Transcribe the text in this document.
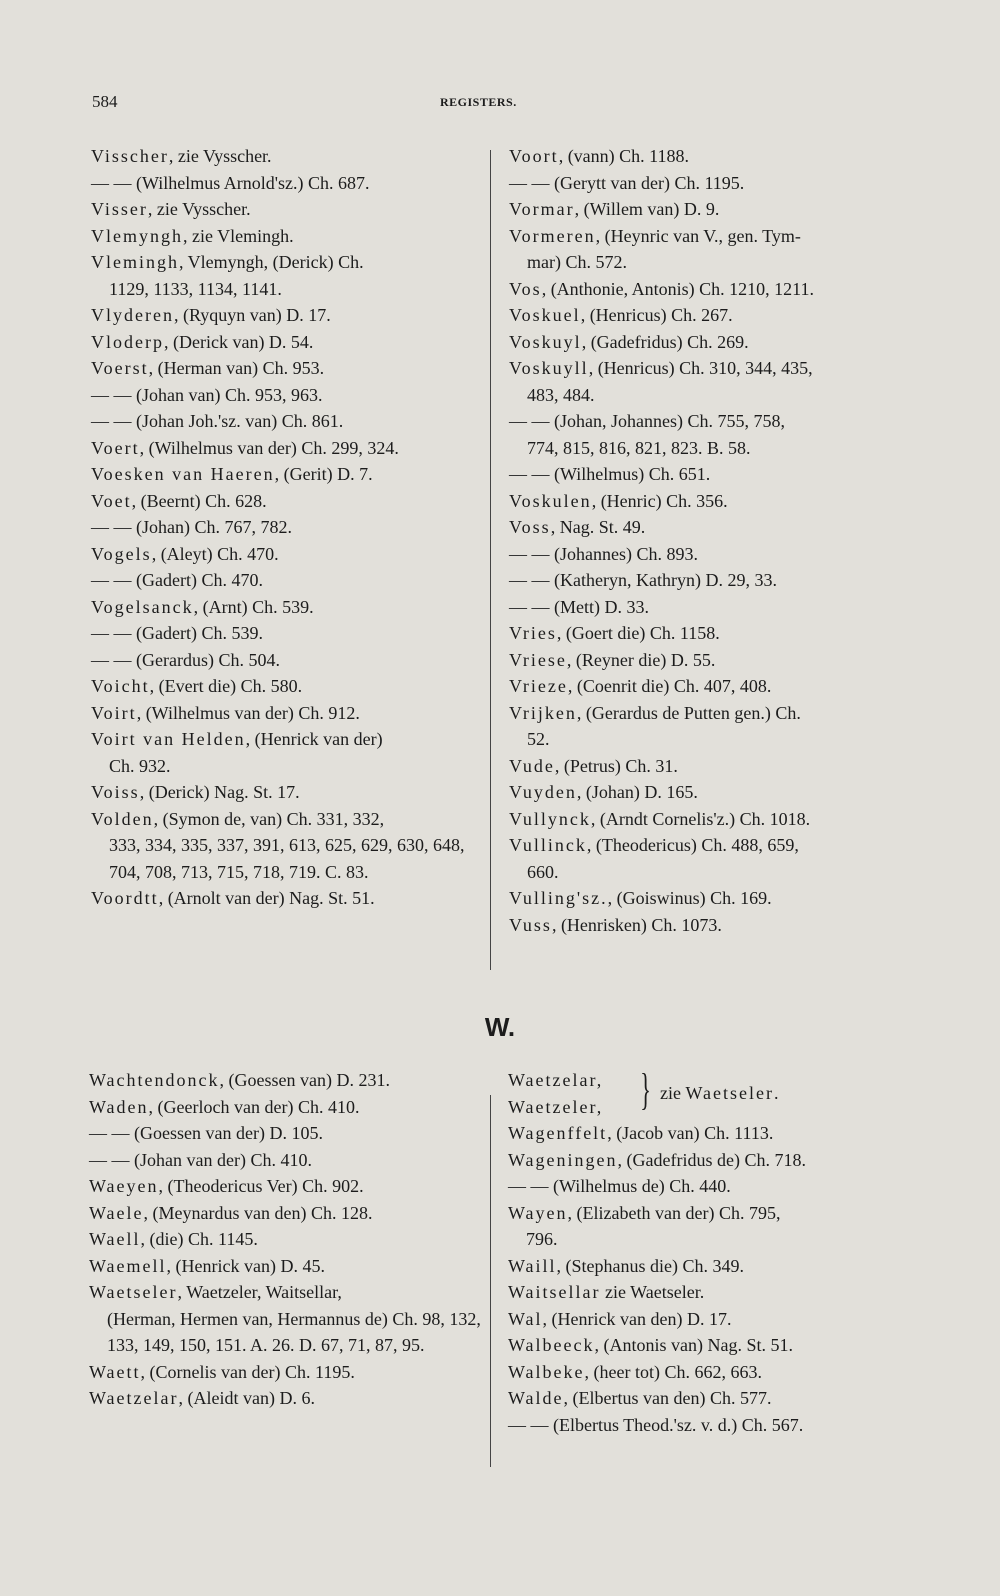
584	REGISTERS.
Visscher, zie Vysscher.
— — (Wilhelmus Arnold'sz.) Ch. 687.
Visser, zie Vysscher.
Vlemyngh, zie Vlemingh.
Vlemingh, Vlemyngh, (Derick) Ch.
1129, 1133, 1134, 1141.
Vlyderen, (Ryquyn van) D. 17.
Vloderp, (Derick van) D. 54.
Voerst, (Herman van) Ch. 953.
— — (Johan van) Ch. 953, 963.
— — (Johan Joh.'sz. van) Ch. 861.
Voert, (Wilhelmus van der) Ch. 299, 324.
Voesken van Haeren, (Gerit) D. 7.
Voet, (Beernt) Ch. 628.
— — (Johan) Ch. 767, 782.
Vogels, (Aleyt) Ch. 470.
— — (Gadert) Ch. 470.
Vogelsanck, (Arnt) Ch. 539.
— — (Gadert) Ch. 539.
— — (Gerardus) Ch. 504.
Voicht, (Evert die) Ch. 580.
Voirt, (Wilhelmus van der) Ch. 912.
Voirt van Helden, (Henrick van der)
Ch. 932.
Voiss, (Derick) Nag. St. 17.
Volden, (Symon de, van) Ch. 331, 332,
333, 334, 335, 337, 391, 613, 625, 629, 630, 648, 704, 708, 713, 715, 718, 719. C. 83.
Voordtt, (Arnolt van der) Nag. St. 51.
Voort, (vann) Ch. 1188.
— — (Gerytt van der) Ch. 1195.
Vormar, (Willem van) D. 9.
Vormeren, (Heynric van V., gen. Tym-
mar) Ch. 572.
Vos, (Anthonie, Antonis) Ch. 1210, 1211.
Voskuel, (Henricus) Ch. 267.
Voskuyl, (Gadefridus) Ch. 269.
Voskuyll, (Henricus) Ch. 310, 344, 435,
483, 484.
— — (Johan, Johannes) Ch. 755, 758,
774, 815, 816, 821, 823. B. 58.
— — (Wilhelmus) Ch. 651.
Voskulen, (Henric) Ch. 356.
Voss, Nag. St. 49.
— — (Johannes) Ch. 893.
— — (Katheryn, Kathryn) D. 29, 33.
— — (Mett) D. 33.
Vries, (Goert die) Ch. 1158.
Vriese, (Reyner die) D. 55.
Vrieze, (Coenrit die) Ch. 407, 408.
Vrijken, (Gerardus de Putten gen.) Ch.
52.
Vude, (Petrus) Ch. 31.
Vuyden, (Johan) D. 165.
Vullynck, (Arndt Cornelis'z.) Ch. 1018.
Vullinck, (Theodericus) Ch. 488, 659,
660.
Vulling'sz., (Goiswinus) Ch. 169.
Vuss, (Henrisken) Ch. 1073.
W.
Wachtendonck, (Goessen van) D. 231.
Waden, (Geerloch van der) Ch. 410.
— — (Goessen van der) D. 105.
— — (Johan van der) Ch. 410.
Waeyen, (Theodericus Ver) Ch. 902.
Waele, (Meynardus van den) Ch. 128.
Waell, (die) Ch. 1145.
Waemell, (Henrick van) D. 45.
Waetseler, Waetzeler, Waitsellar,
(Herman, Hermen van, Hermannus de) Ch. 98, 132, 133, 149, 150, 151. A. 26. D. 67, 71, 87, 95.
Waett, (Cornelis van der) Ch. 1195.
Waetzelar, (Aleidt van) D. 6.
Waetzelar,
Waetzeler, } zie Waetseler.
Wagenffelt, (Jacob van) Ch. 1113.
Wageningen, (Gadefridus de) Ch. 718.
— — (Wilhelmus de) Ch. 440.
Wayen, (Elizabeth van der) Ch. 795,
796.
Waill, (Stephanus die) Ch. 349.
Waitsellar zie Waetseler.
Wal, (Henrick van den) D. 17.
Walbeeck, (Antonis van) Nag. St. 51.
Walbeke, (heer tot) Ch. 662, 663.
Walde, (Elbertus van den) Ch. 577.
— — (Elbertus Theod.'sz. v. d.) Ch. 567.
